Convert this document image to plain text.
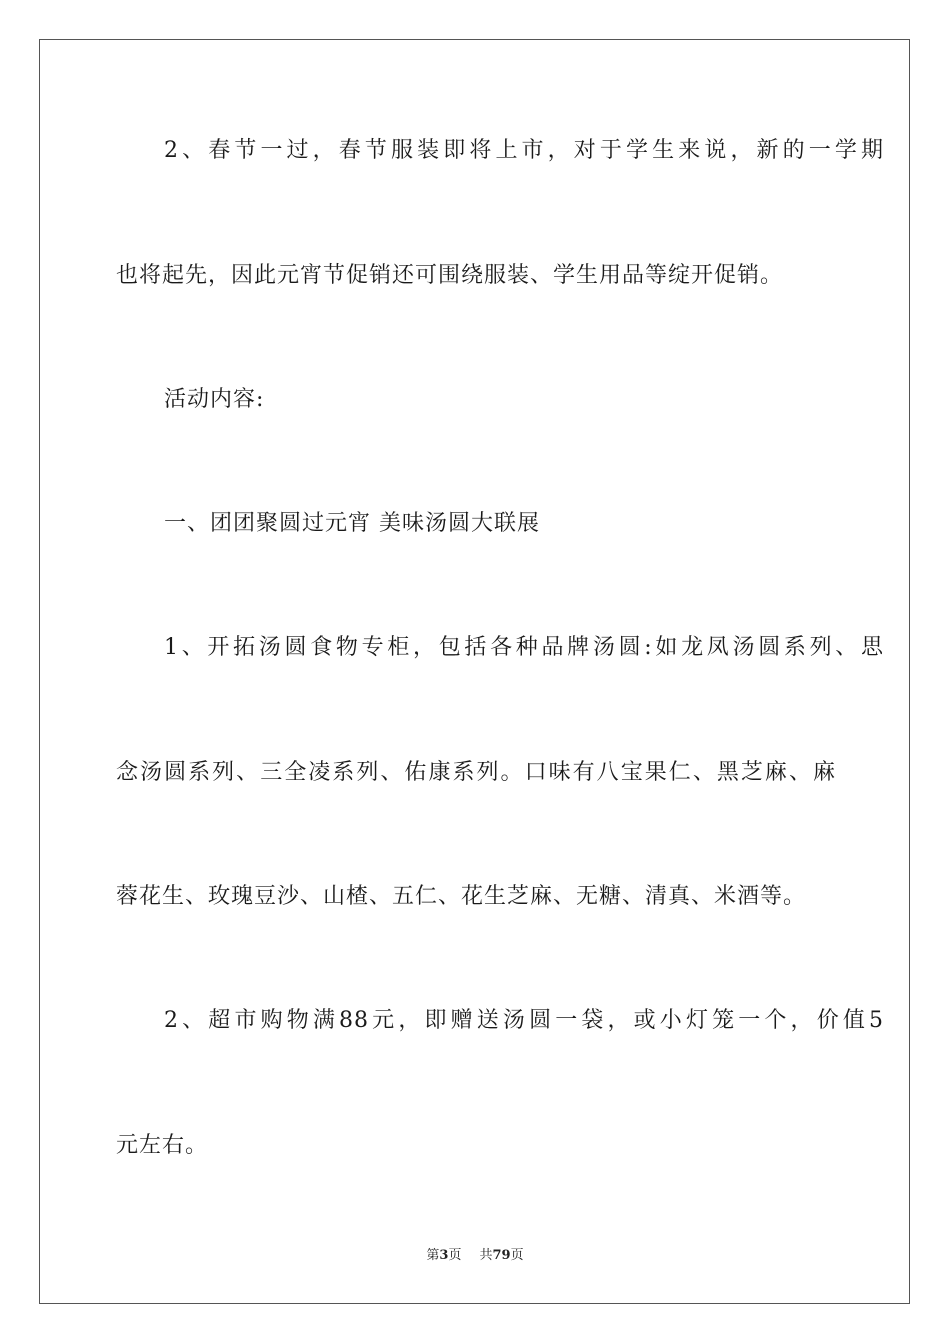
2、春节一过，春节服装即将上市，对于学生来说，新的一学期

也将起先，因此元宵节促销还可围绕服装、学生用品等绽开促销。

活动内容:

一、团团聚圆过元宵 美味汤圆大联展

1、开拓汤圆食物专柜，包括各种品牌汤圆:如龙凤汤圆系列、思

念汤圆系列、三全凌系列、佑康系列。口味有八宝果仁、黑芝麻、麻

蓉花生、玫瑰豆沙、山楂、五仁、花生芝麻、无糖、清真、米酒等。

2、超市购物满88元，即赠送汤圆一袋，或小灯笼一个，价值5

元左右。

第3页 共79页
